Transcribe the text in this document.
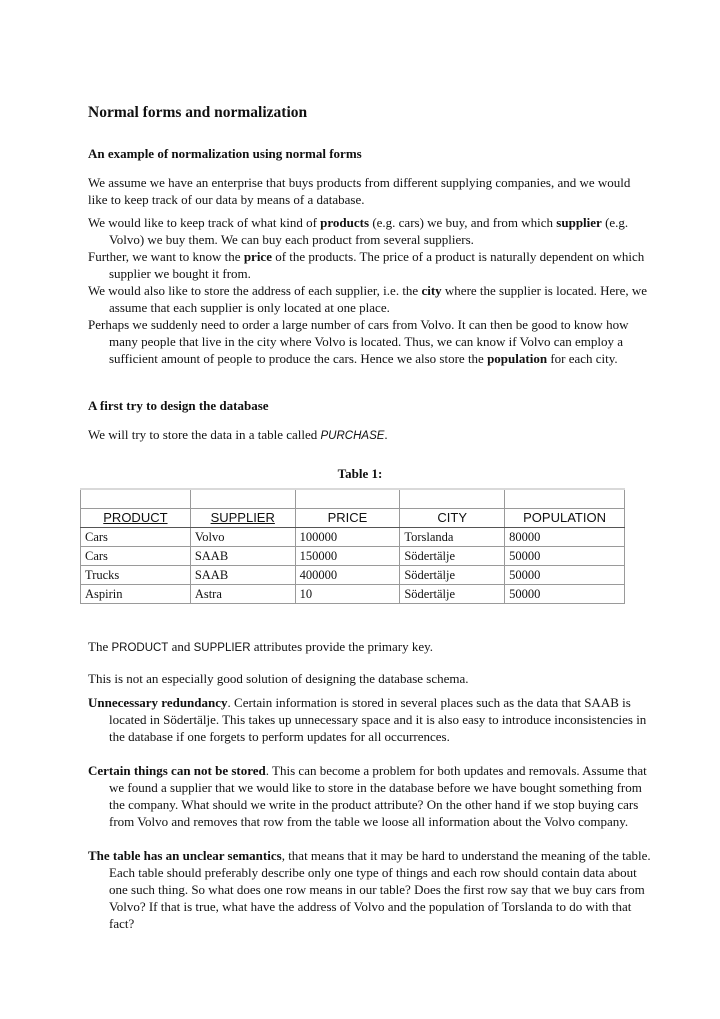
Normal forms and normalization
An example of normalization using normal forms

We assume we have an enterprise that buys products from different supplying companies, and we would like to keep track of our data by means of a database.

We would like to keep track of what kind of products (e.g. cars) we buy, and from which supplier (e.g. Volvo) we buy them. We can buy each product from several suppliers.

Further, we want to know the price of the products. The price of a product is naturally dependent on which supplier we bought it from.

We would also like to store the address of each supplier, i.e. the city where the supplier is located. Here, we assume that each supplier is only located at one place.

Perhaps we suddenly need to order a large number of cars from Volvo. It can then be good to know how many people that live in the city where Volvo is located. Thus, we can know if Volvo can employ a sufficient amount of people to produce the cars. Hence we also store the population for each city.

A first try to design the database

We will try to store the data in a table called PURCHASE.

Table 1:

PRODUCT	SUPPLIER	PRICE	CITY	POPULATION
Cars	Volvo	100000	Torslanda	80000
Cars	SAAB	150000	Södertälje	50000
Trucks	SAAB	400000	Södertälje	50000
Aspirin	Astra	10	Södertälje	50000

The PRODUCT and SUPPLIER attributes provide the primary key.

This is not an especially good solution of designing the database schema.

Unnecessary redundancy. Certain information is stored in several places such as the data that SAAB is located in Södertälje. This takes up unnecessary space and it is also easy to introduce inconsistencies in the database if one forgets to perform updates for all occurrences.

Certain things can not be stored. This can become a problem for both updates and removals. Assume that we found a supplier that we would like to store in the database before we have bought something from the company. What should we write in the product attribute? On the other hand if we stop buying cars from Volvo and removes that row from the table we loose all information about the Volvo company.

The table has an unclear semantics, that means that it may be hard to understand the meaning of the table. Each table should preferably describe only one type of things and each row should contain data about one such thing. So what does one row means in our table? Does the first row say that we buy cars from Volvo? If that is true, what have the address of Volvo and the population of Torslanda to do with that fact?
